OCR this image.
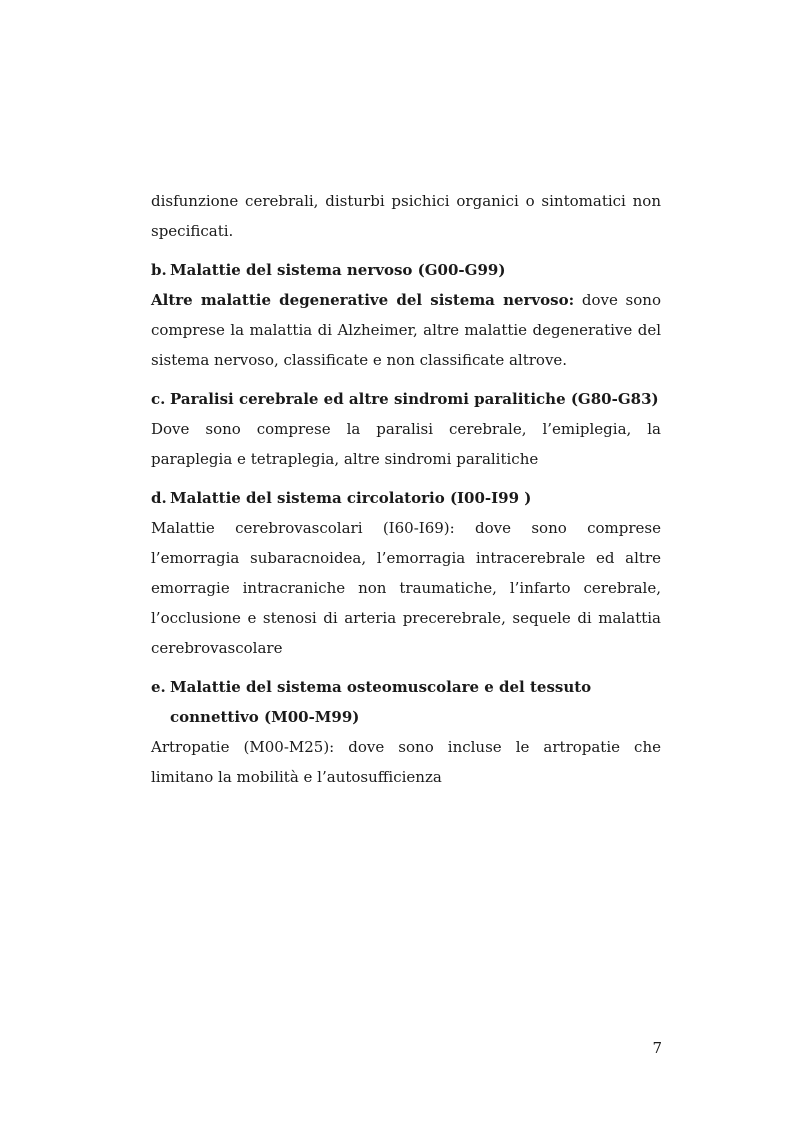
disfunzione cerebrali, disturbi psichici organici o sintomatici non specificati.

b. Malattie del sistema nervoso (G00-G99)

Altre malattie degenerative del sistema nervoso: dove sono comprese la malattia di Alzheimer, altre malattie degenerative del sistema nervoso, classificate e non classificate altrove.

c. Paralisi cerebrale ed altre sindromi paralitiche (G80-G83)

Dove sono comprese la paralisi cerebrale, l’emiplegia, la paraplegia e tetraplegia, altre sindromi paralitiche

d. Malattie del sistema circolatorio (I00-I99 )

Malattie cerebrovascolari (I60-I69): dove sono comprese l’emorragia subaracnoidea, l’emorragia intracerebrale ed altre emorragie intracraniche non traumatiche, l’infarto cerebrale, l’occlusione e stenosi di arteria precerebrale, sequele di malattia cerebrovascolare

e. Malattie del sistema osteomuscolare e del tessuto connettivo (M00-M99)

Artropatie (M00-M25): dove sono incluse le artropatie che limitano la mobilità e l’autosufficienza

7
